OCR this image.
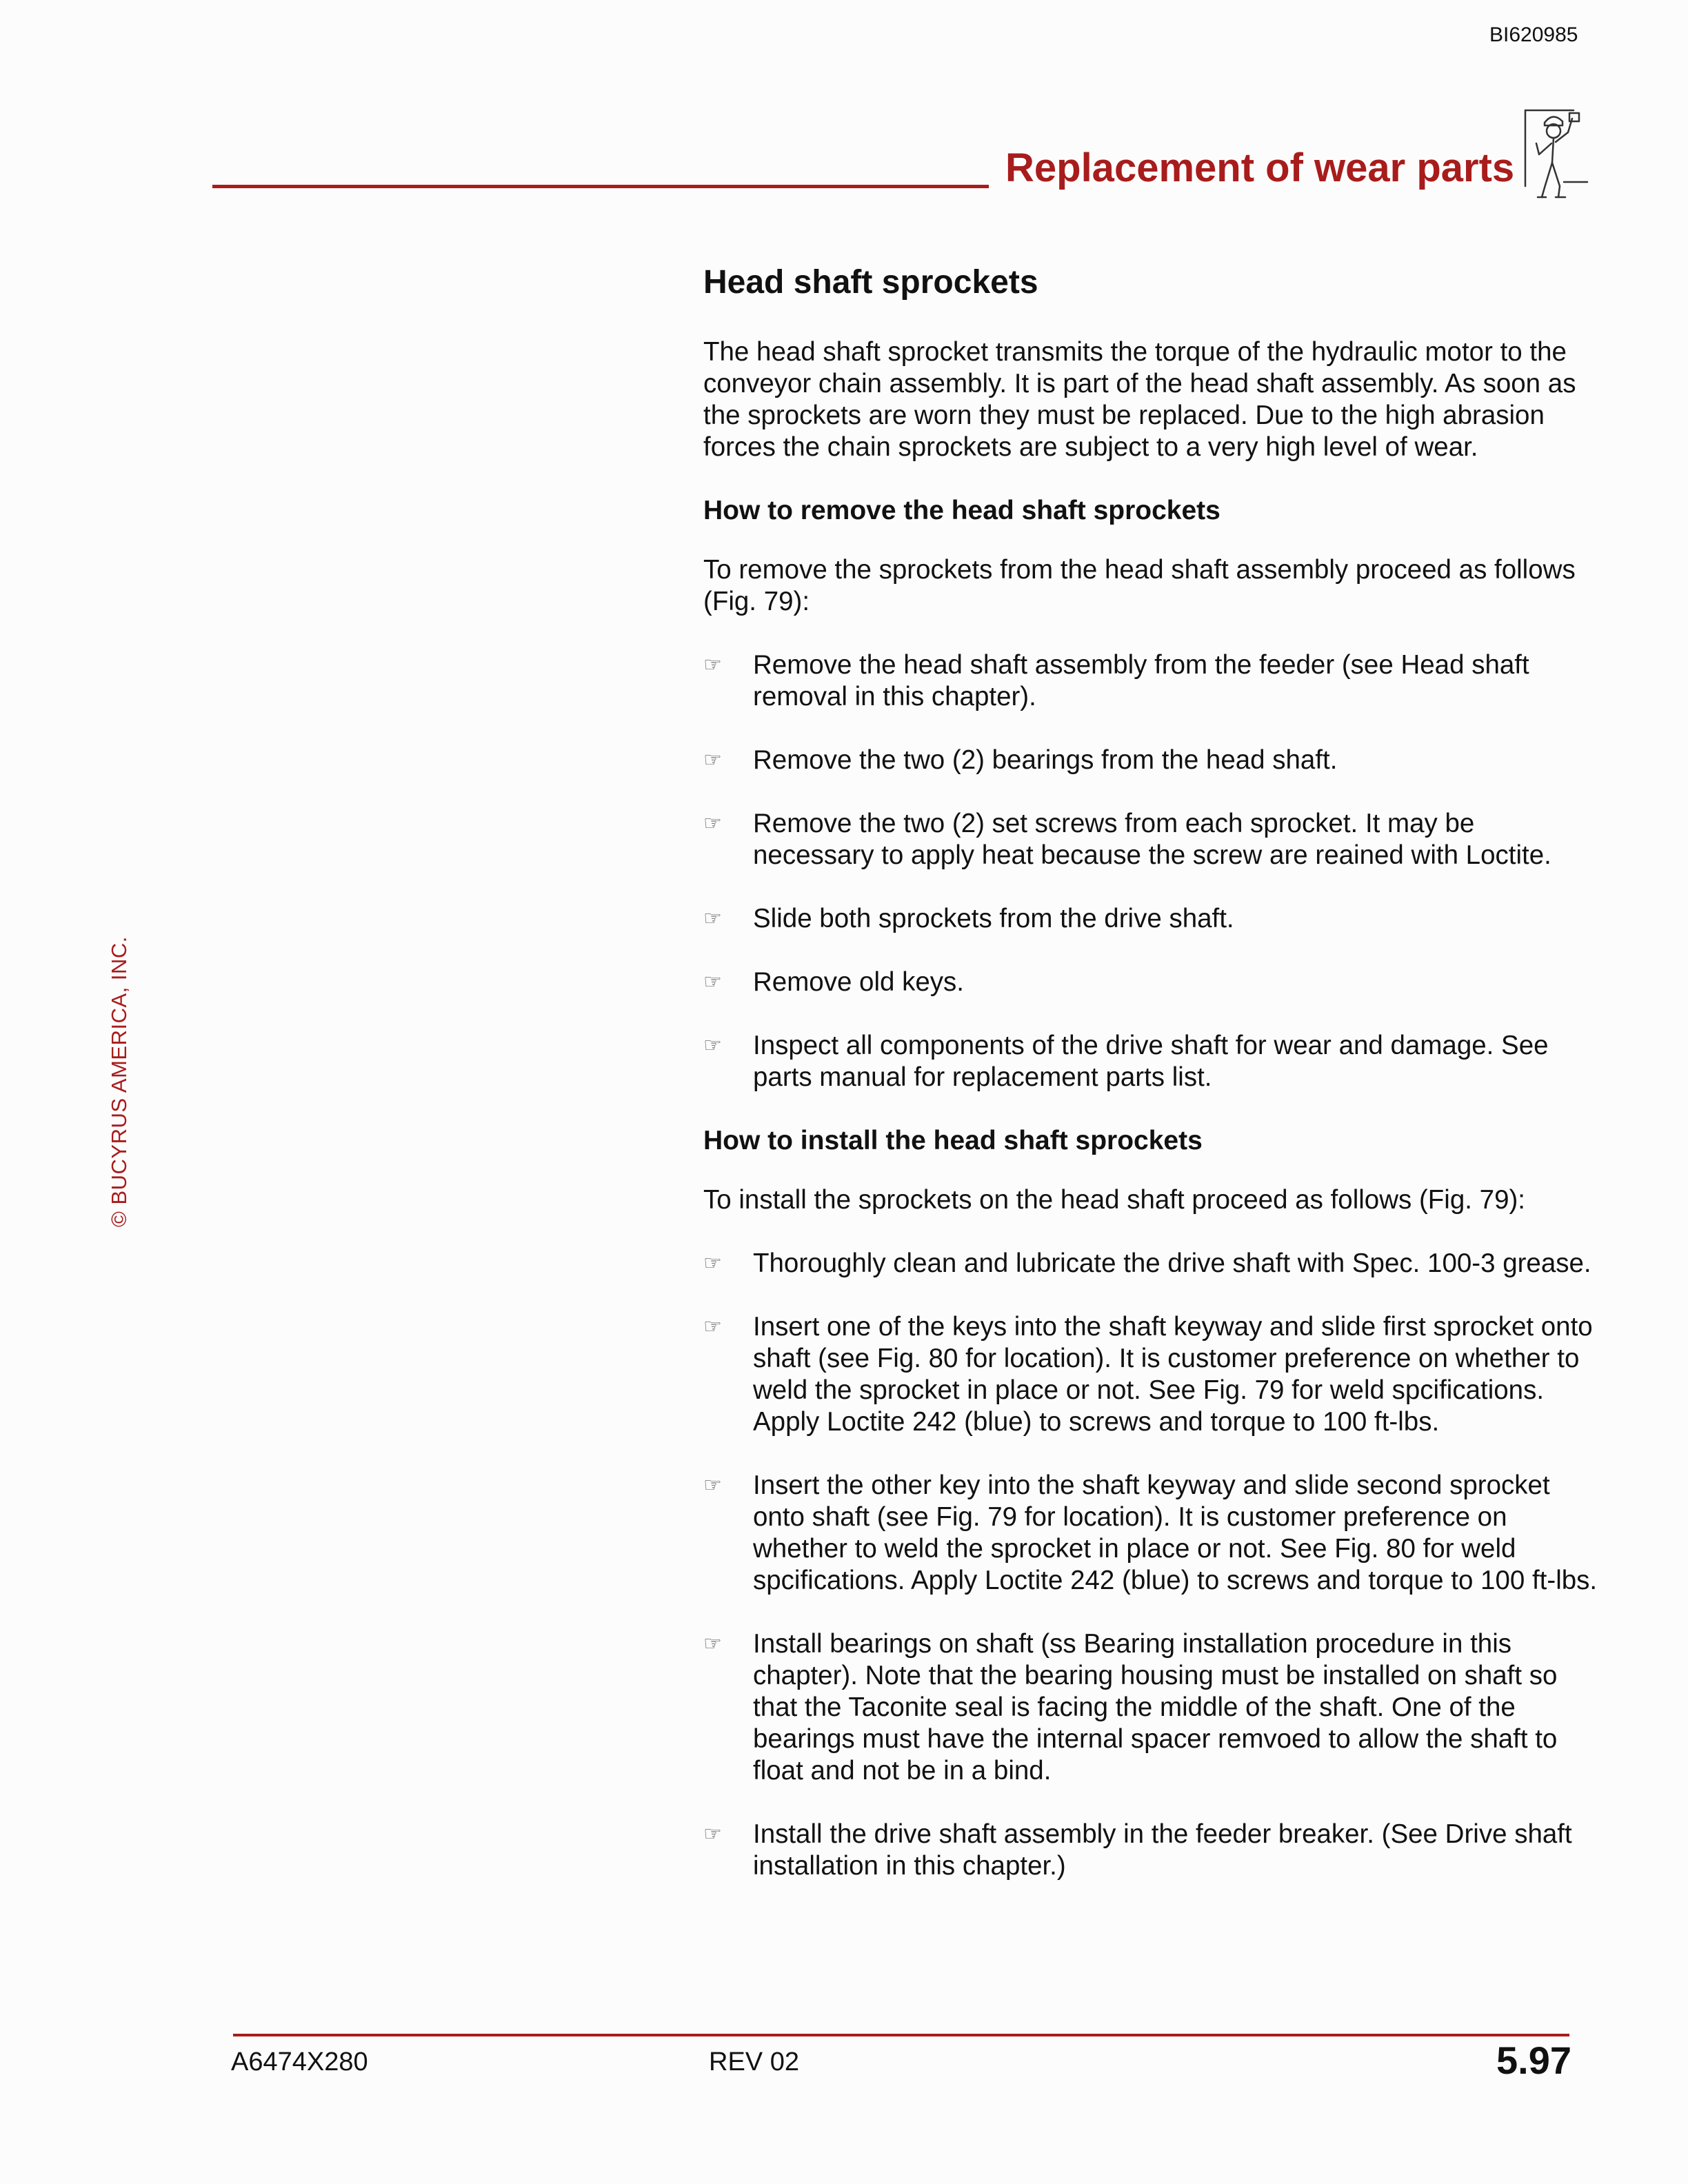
BI620985
Replacement of wear parts
© BUCYRUS AMERICA, INC.
Head shaft sprockets

The head shaft sprocket transmits the torque of the hydraulic motor to the conveyor chain assembly. It is part of the head shaft assembly. As soon as the sprockets are worn they must be replaced. Due to the high abrasion forces the chain sprockets are subject to a very high level of wear.

How to remove the head shaft sprockets

To remove the sprockets from the head shaft assembly proceed as follows (Fig. 79):

☞ Remove the head shaft assembly from the feeder (see Head shaft removal in this chapter).
☞ Remove the two (2) bearings from the head shaft.
☞ Remove the two (2) set screws from each sprocket. It may be necessary to apply heat because the screw are reained with Loctite.
☞ Slide both sprockets from the drive shaft.
☞ Remove old keys.
☞ Inspect all components of the drive shaft for wear and damage. See parts manual for replacement parts list.
How to install the head shaft sprockets

To install the sprockets on the head shaft proceed as follows (Fig. 79):

☞ Thoroughly clean and lubricate the drive shaft with Spec. 100-3 grease.
☞ Insert one of the keys into the shaft keyway and slide first sprocket onto shaft (see Fig. 80 for location). It is customer preference on whether to weld the sprocket in place or not. See Fig. 79 for weld spcifications. Apply Loctite 242 (blue) to screws and torque to 100 ft-lbs.
☞ Insert the other key into the shaft keyway and slide second sprocket onto shaft (see Fig. 79 for location). It is customer preference on whether to weld the sprocket in place or not. See Fig. 80 for weld spcifications. Apply Loctite 242 (blue) to screws and torque to 100 ft-lbs.
☞ Install bearings on shaft (ss Bearing installation procedure in this chapter). Note that the bearing housing must be installed on shaft so that the Taconite seal is facing the middle of the shaft. One of the bearings must have the internal spacer remvoed to allow the shaft to float and not be in a bind.
☞ Install the drive shaft assembly in the feeder breaker. (See Drive shaft installation in this chapter.)
A6474X280	REV 02	5.97
